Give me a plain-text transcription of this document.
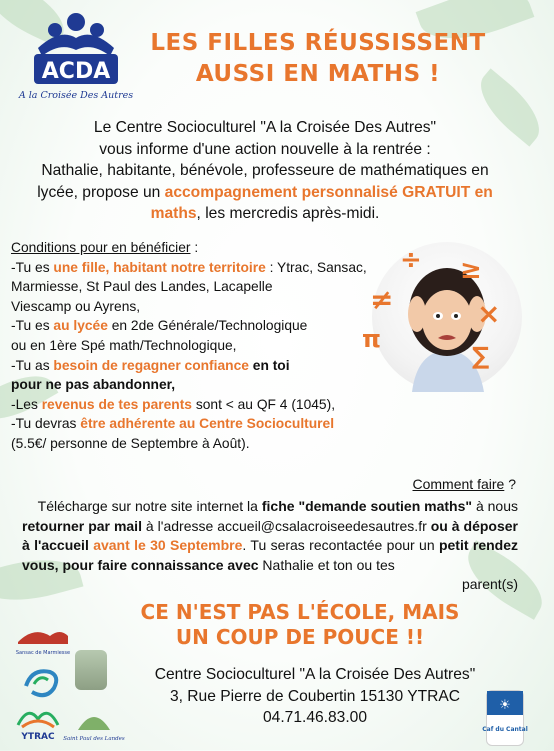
ACDA
A la Croisée Des Autres
LES FILLES RÉUSSISSENT
AUSSI EN MATHS !

Le Centre Socioculturel "A la Croisée Des Autres"

vous informe d'une action nouvelle à la rentrée :

Nathalie, habitante, bénévole, professeure de mathématiques en

lycée, propose un accompagnement personnalisé GRATUIT en

maths, les mercredis après-midi.

Conditions pour en bénéficier :

-Tu es une fille, habitant notre territoire : Ytrac, Sansac,

Marmiesse, St Paul des Landes, Lacapelle

Viescamp ou Ayrens,

-Tu es au lycée en 2de Générale/Technologique

ou en 1ère Spé math/Technologique,

-Tu as besoin de regagner confiance en toi

pour ne pas abandonner,

-Les revenus de tes parents sont < au QF 4 (1045),

-Tu devras être adhérente au Centre Socioculturel

(5.5€/ personne de Septembre à Août).

÷ ≥
≠	×
π
∑
Comment faire ?

Télécharge sur notre site internet la fiche "demande soutien maths" à nous retourner par mail à l'adresse accueil@csalacroiseedesautres.fr ou à déposer à l'accueil avant le 30 Septembre. Tu seras recontactée pour un petit rendez vous, pour faire connaissance avec Nathalie et ton ou tes

parent(s)

CE N'EST PAS L'ÉCOLE, MAIS
UN COUP DE POUCE !!

Centre Socioculturel "A la Croisée Des Autres"

3, Rue Pierre de Coubertin 15130 YTRAC

04.71.46.83.00

Sansac de Marmiesse
YTRAC Saint Paul des Landes
☀
Caf du Cantal
